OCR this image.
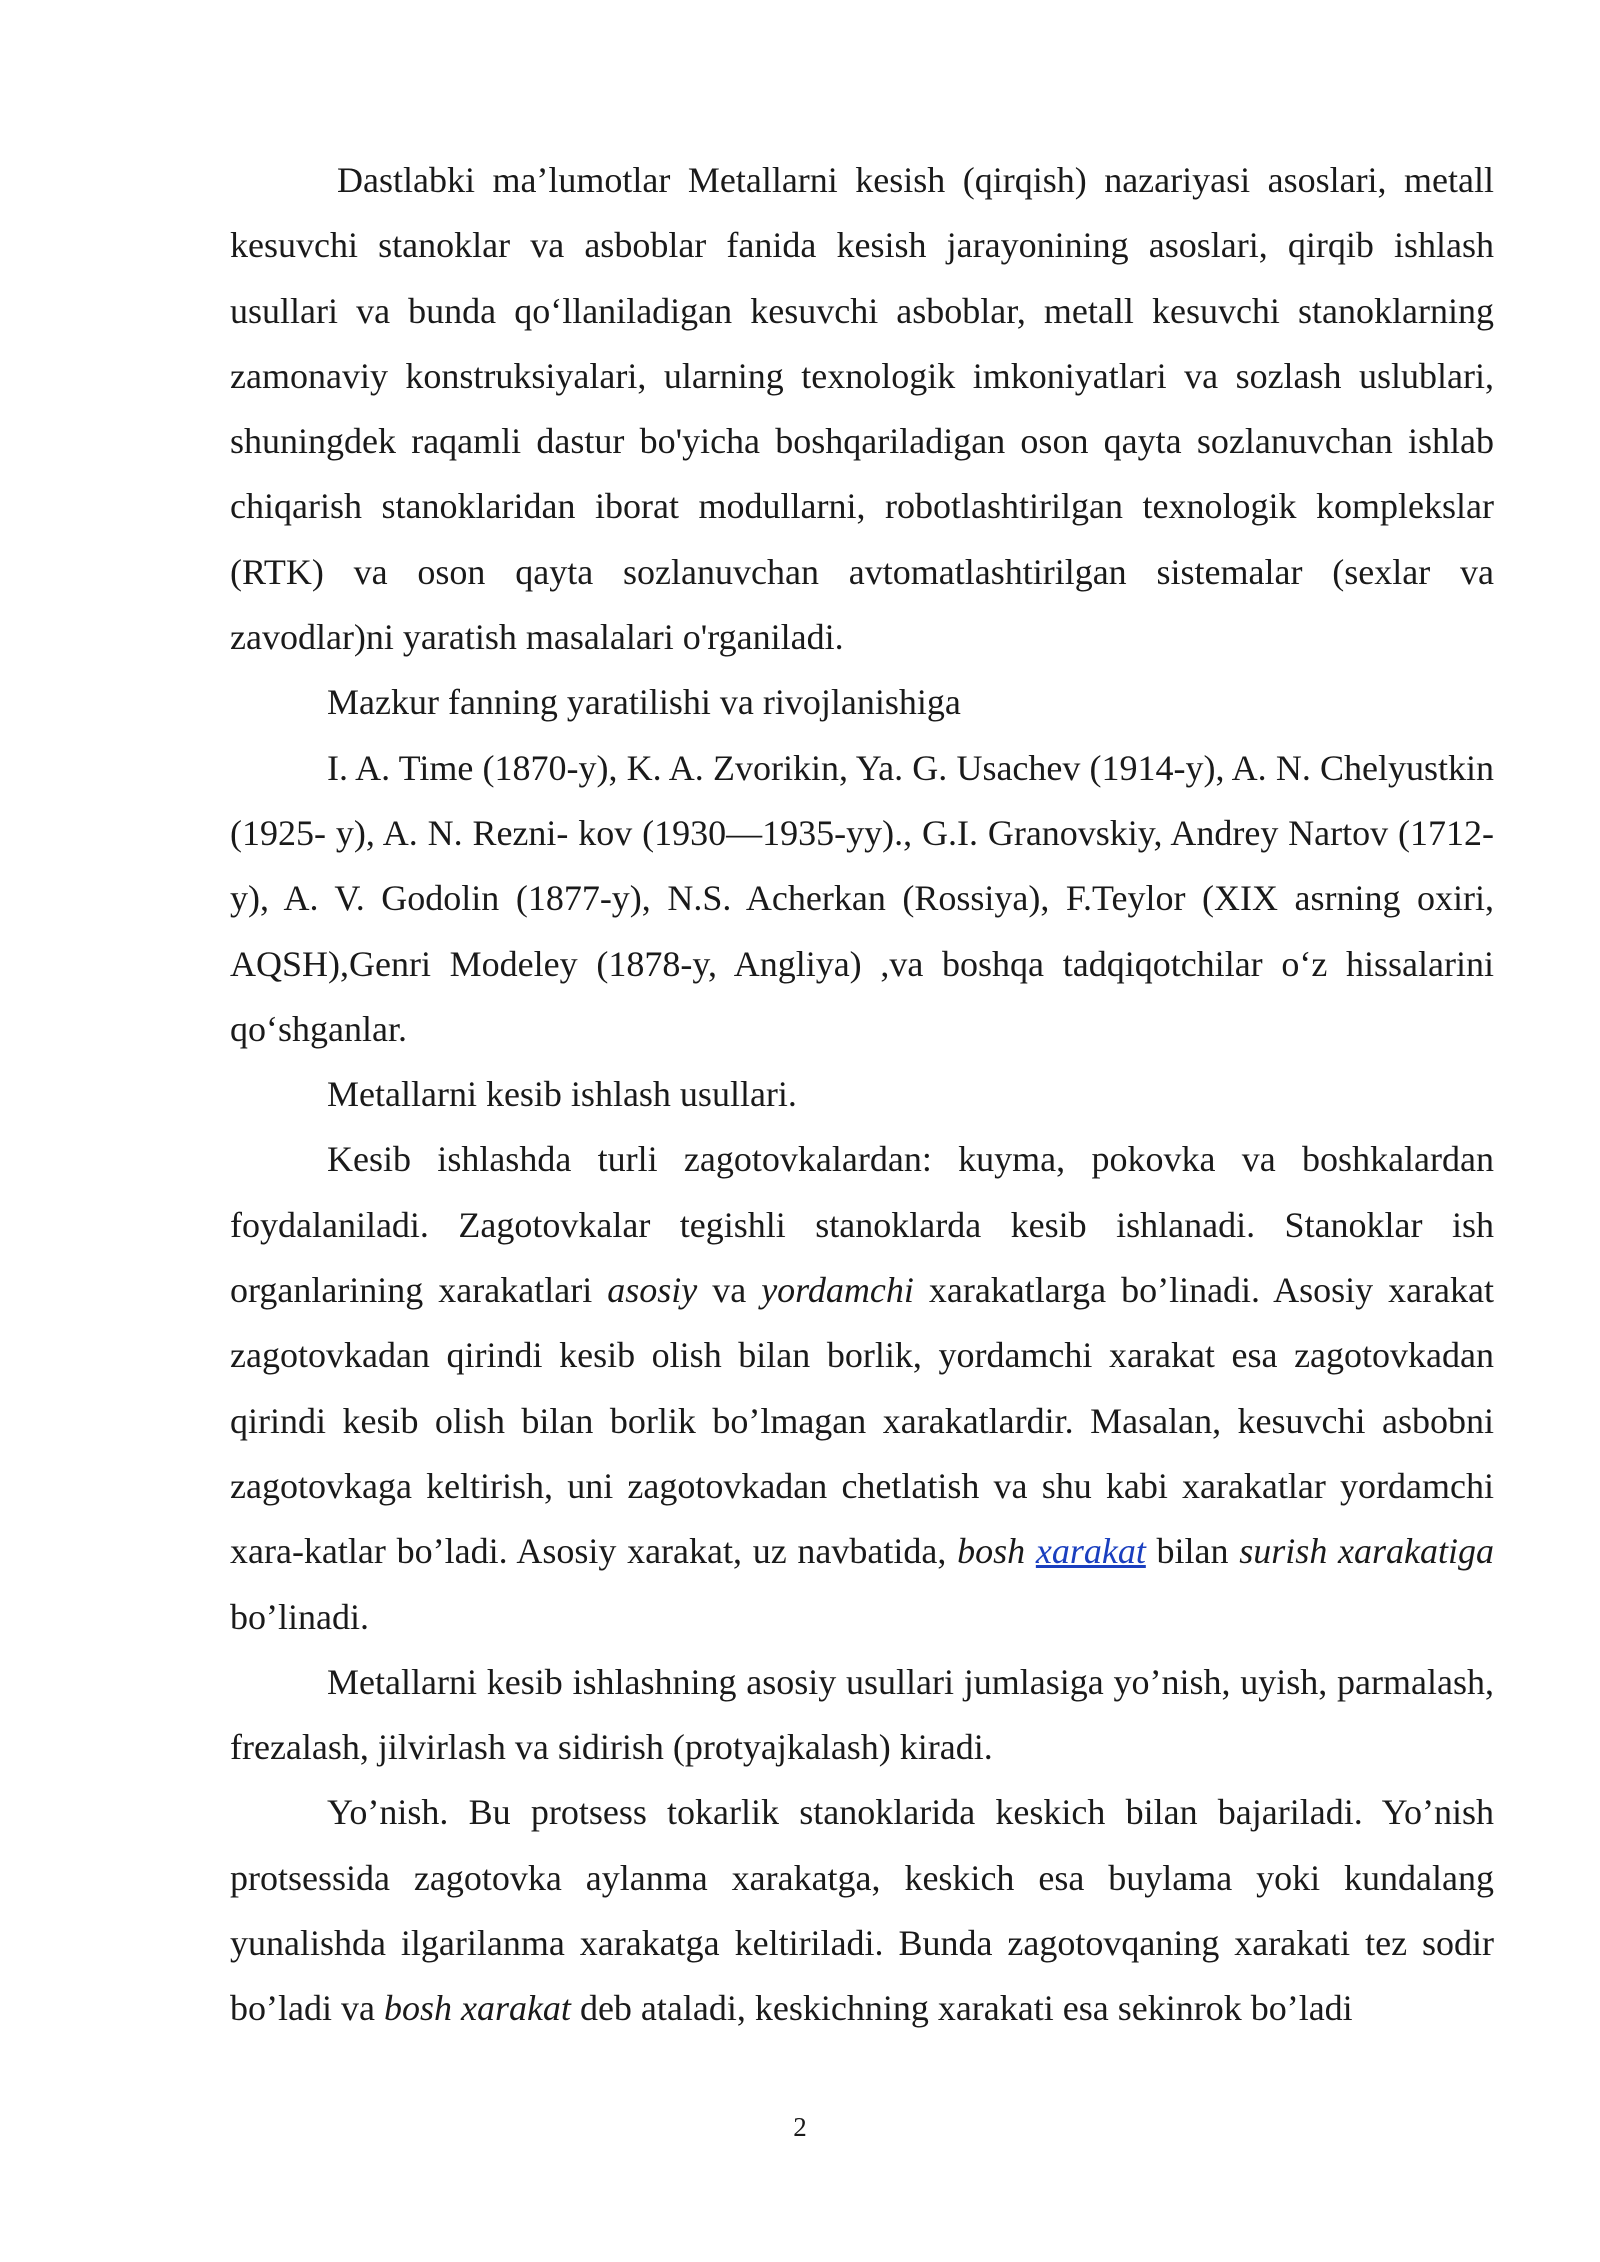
Dastlabki ma’lumotlar Metallarni kesish (qirqish) nazariyasi asoslari, metall kesuvchi stanoklar va asboblar fanida kesish jarayonining asoslari, qirqib ishlash usullari va bunda qoʻllaniladigan kesuvchi asboblar, metall kesuvchi stanoklarning zamonaviy konstruksiyalari, ularning texnologik imkoniyatlari va sozlash uslublari, shuningdek raqamli dastur bo'yicha boshqariladigan oson qayta sozlanuvchan ishlab chiqarish stanoklaridan iborat modullarni, robotlashtirilgan texnologik komplekslar (RTK) va oson qayta sozlanuvchan avtomatlashtirilgan sistemalar (sexlar va zavodlar)ni yaratish masalalari o'rganiladi.

Mazkur fanning yaratilishi va rivojlanishiga

I. A. Time (1870-y), K. A. Zvorikin, Ya. G. Usachev (1914-y), A. N. Chelyustkin (1925- y), A. N. Rezni- kov (1930—1935-yy)., G.I. Granovskiy, Andrey Nartov (1712- y), A. V. Godolin (1877-y), N.S. Acherkan (Rossiya), F.Teylor (XIX asrning oxiri, AQSH),Genri Modeley (1878-y, Angliya) ,va boshqa tadqiqotchilar oʻz hissalarini qoʻshganlar.

Metallarni kesib ishlash usullari.

Kesib ishlashda turli zagotovkalardan: kuyma, pokovka va boshkalardan foydalaniladi. Zagotovkalar tegishli stanoklarda kesib ishlanadi. Stanoklar ish organlarining xarakatlari asosiy va yordamchi xarakatlarga bo’linadi. Asosiy xarakat zagotovkadan qirindi kesib olish bilan borlik, yordamchi xarakat esa zagotovkadan qirindi kesib olish bilan borlik bo’lmagan xarakatlardir. Masalan, kesuvchi asbobni zagotovkaga keltirish, uni zagotovkadan chetlatish va shu kabi xarakatlar yordamchi xara-katlar bo’ladi. Asosiy xarakat, uz navbatida, bosh xarakat bilan surish xarakatiga bo’linadi.

Metallarni kesib ishlashning asosiy usullari jumlasiga yo’nish, uyish, parmalash, frezalash, jilvirlash va sidirish (protyajkalash) kiradi.

Yo’nish. Bu protsess tokarlik stanoklarida keskich bilan bajariladi. Yo’nish protsessida zagotovka aylanma xarakatga, keskich esa buylama yoki kundalang yunalishda ilgarilanma xarakatga keltiriladi. Bunda zagotovqaning xarakati tez sodir bo’ladi va bosh xarakat deb ataladi, keskichning xarakati esa sekinrok bo’ladi

2
